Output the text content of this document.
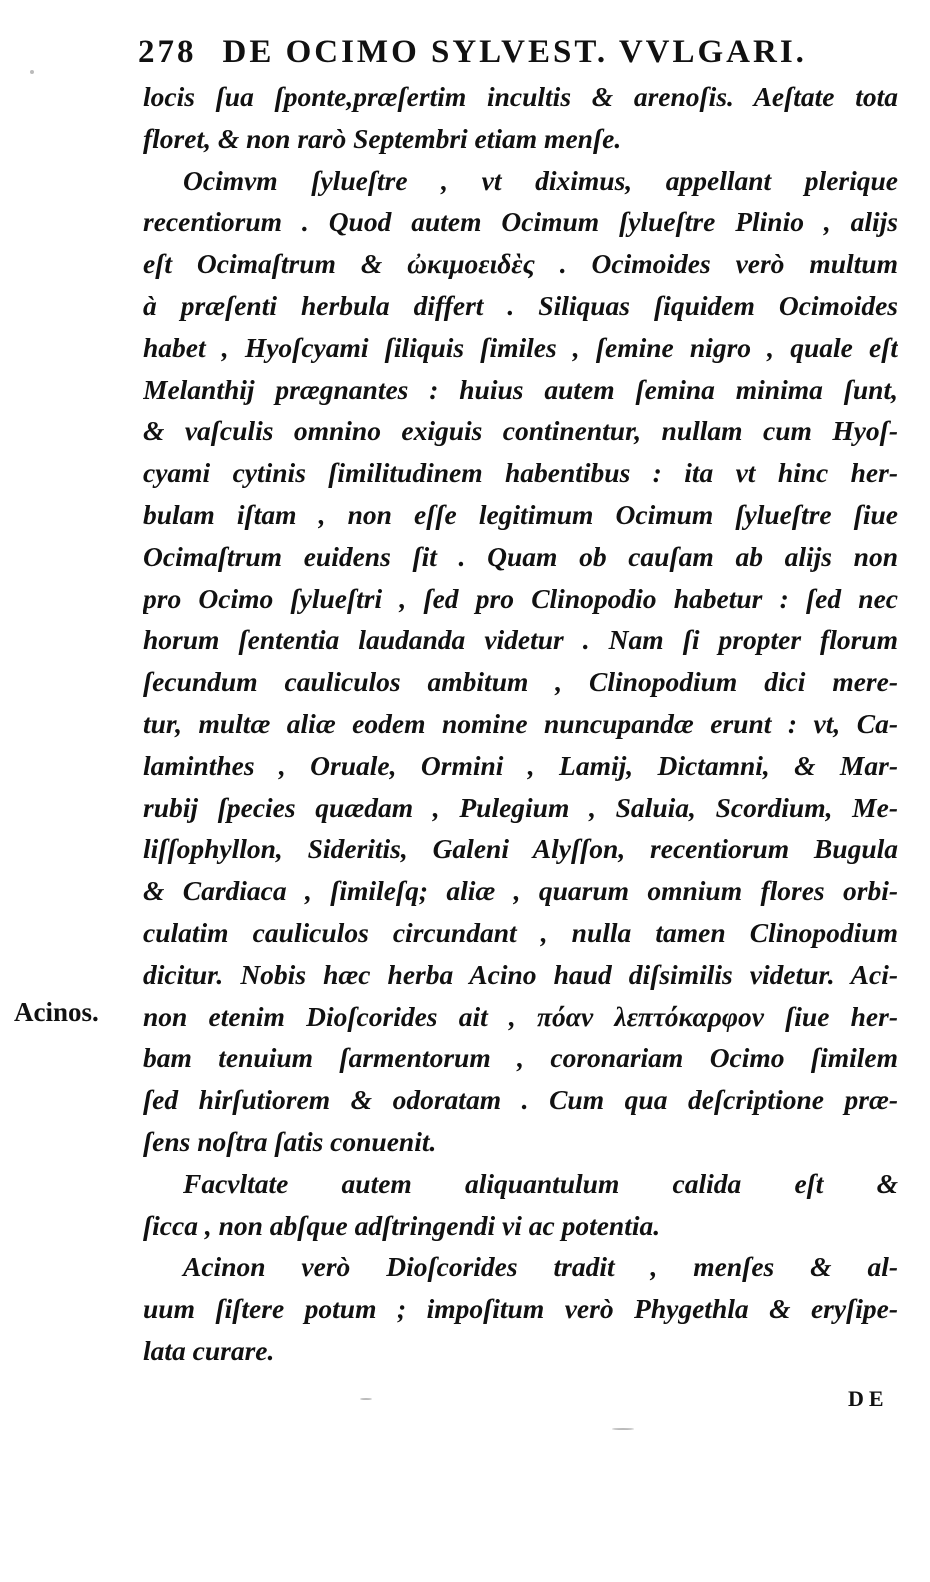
278 DE OCIMO SYLVEST. VVLGARI.
locis ſua ſponte,præſertim incultis & arenoſis. Aeſtate tota
floret, & non rarò Septembri etiam menſe.
Ocimvm ſylueſtre , vt diximus, appellant plerique
recentiorum . Quod autem Ocimum ſylueſtre Plinio , alijs
eſt Ocimaſtrum & ὠκιμοειδὲς . Ocimoides verò multum
à præſenti herbula differt . Siliquas ſiquidem Ocimoides
habet , Hyoſcyami ſiliquis ſimiles , ſemine nigro , quale eſt
Melanthij prægnantes : huius autem ſemina minima ſunt,
& vaſculis omnino exiguis continentur, nullam cum Hyoſ-
cyami cytinis ſimilitudinem habentibus : ita vt hinc her-
bulam iſtam , non eſſe legitimum Ocimum ſylueſtre ſiue
Ocimaſtrum euidens ſit . Quam ob cauſam ab alijs non
pro Ocimo ſylueſtri , ſed pro Clinopodio habetur : ſed nec
horum ſententia laudanda videtur . Nam ſi propter florum
ſecundum cauliculos ambitum , Clinopodium dici mere-
tur, multæ aliæ eodem nomine nuncupandæ erunt : vt, Ca-
laminthes , Oruale, Ormini , Lamij, Dictamni, & Mar-
rubij ſpecies quædam , Pulegium , Saluia, Scordium, Me-
liſſophyllon, Sideritis, Galeni Alyſſon, recentiorum Bugula
& Cardiaca , ſimileſq; aliæ , quarum omnium flores orbi-
culatim cauliculos circundant , nulla tamen Clinopodium
dicitur. Nobis hæc herba Acino haud diſsimilis videtur. Aci-
non etenim Dioſcorides ait , πόαν λεπτόκαρφον ſiue her-
bam tenuium ſarmentorum , coronariam Ocimo ſimilem
ſed hirſutiorem & odoratam . Cum qua deſcriptione præ-
ſens noſtra ſatis conuenit.
Facvltate autem aliquantulum calida eſt &
ſicca , non abſque adſtringendi vi ac potentia.
Acinon verò Dioſcorides tradit , menſes & al-
uum ſiſtere potum ; impoſitum verò Phygethla & eryſipe-
lata curare.
Acinos.
DE
